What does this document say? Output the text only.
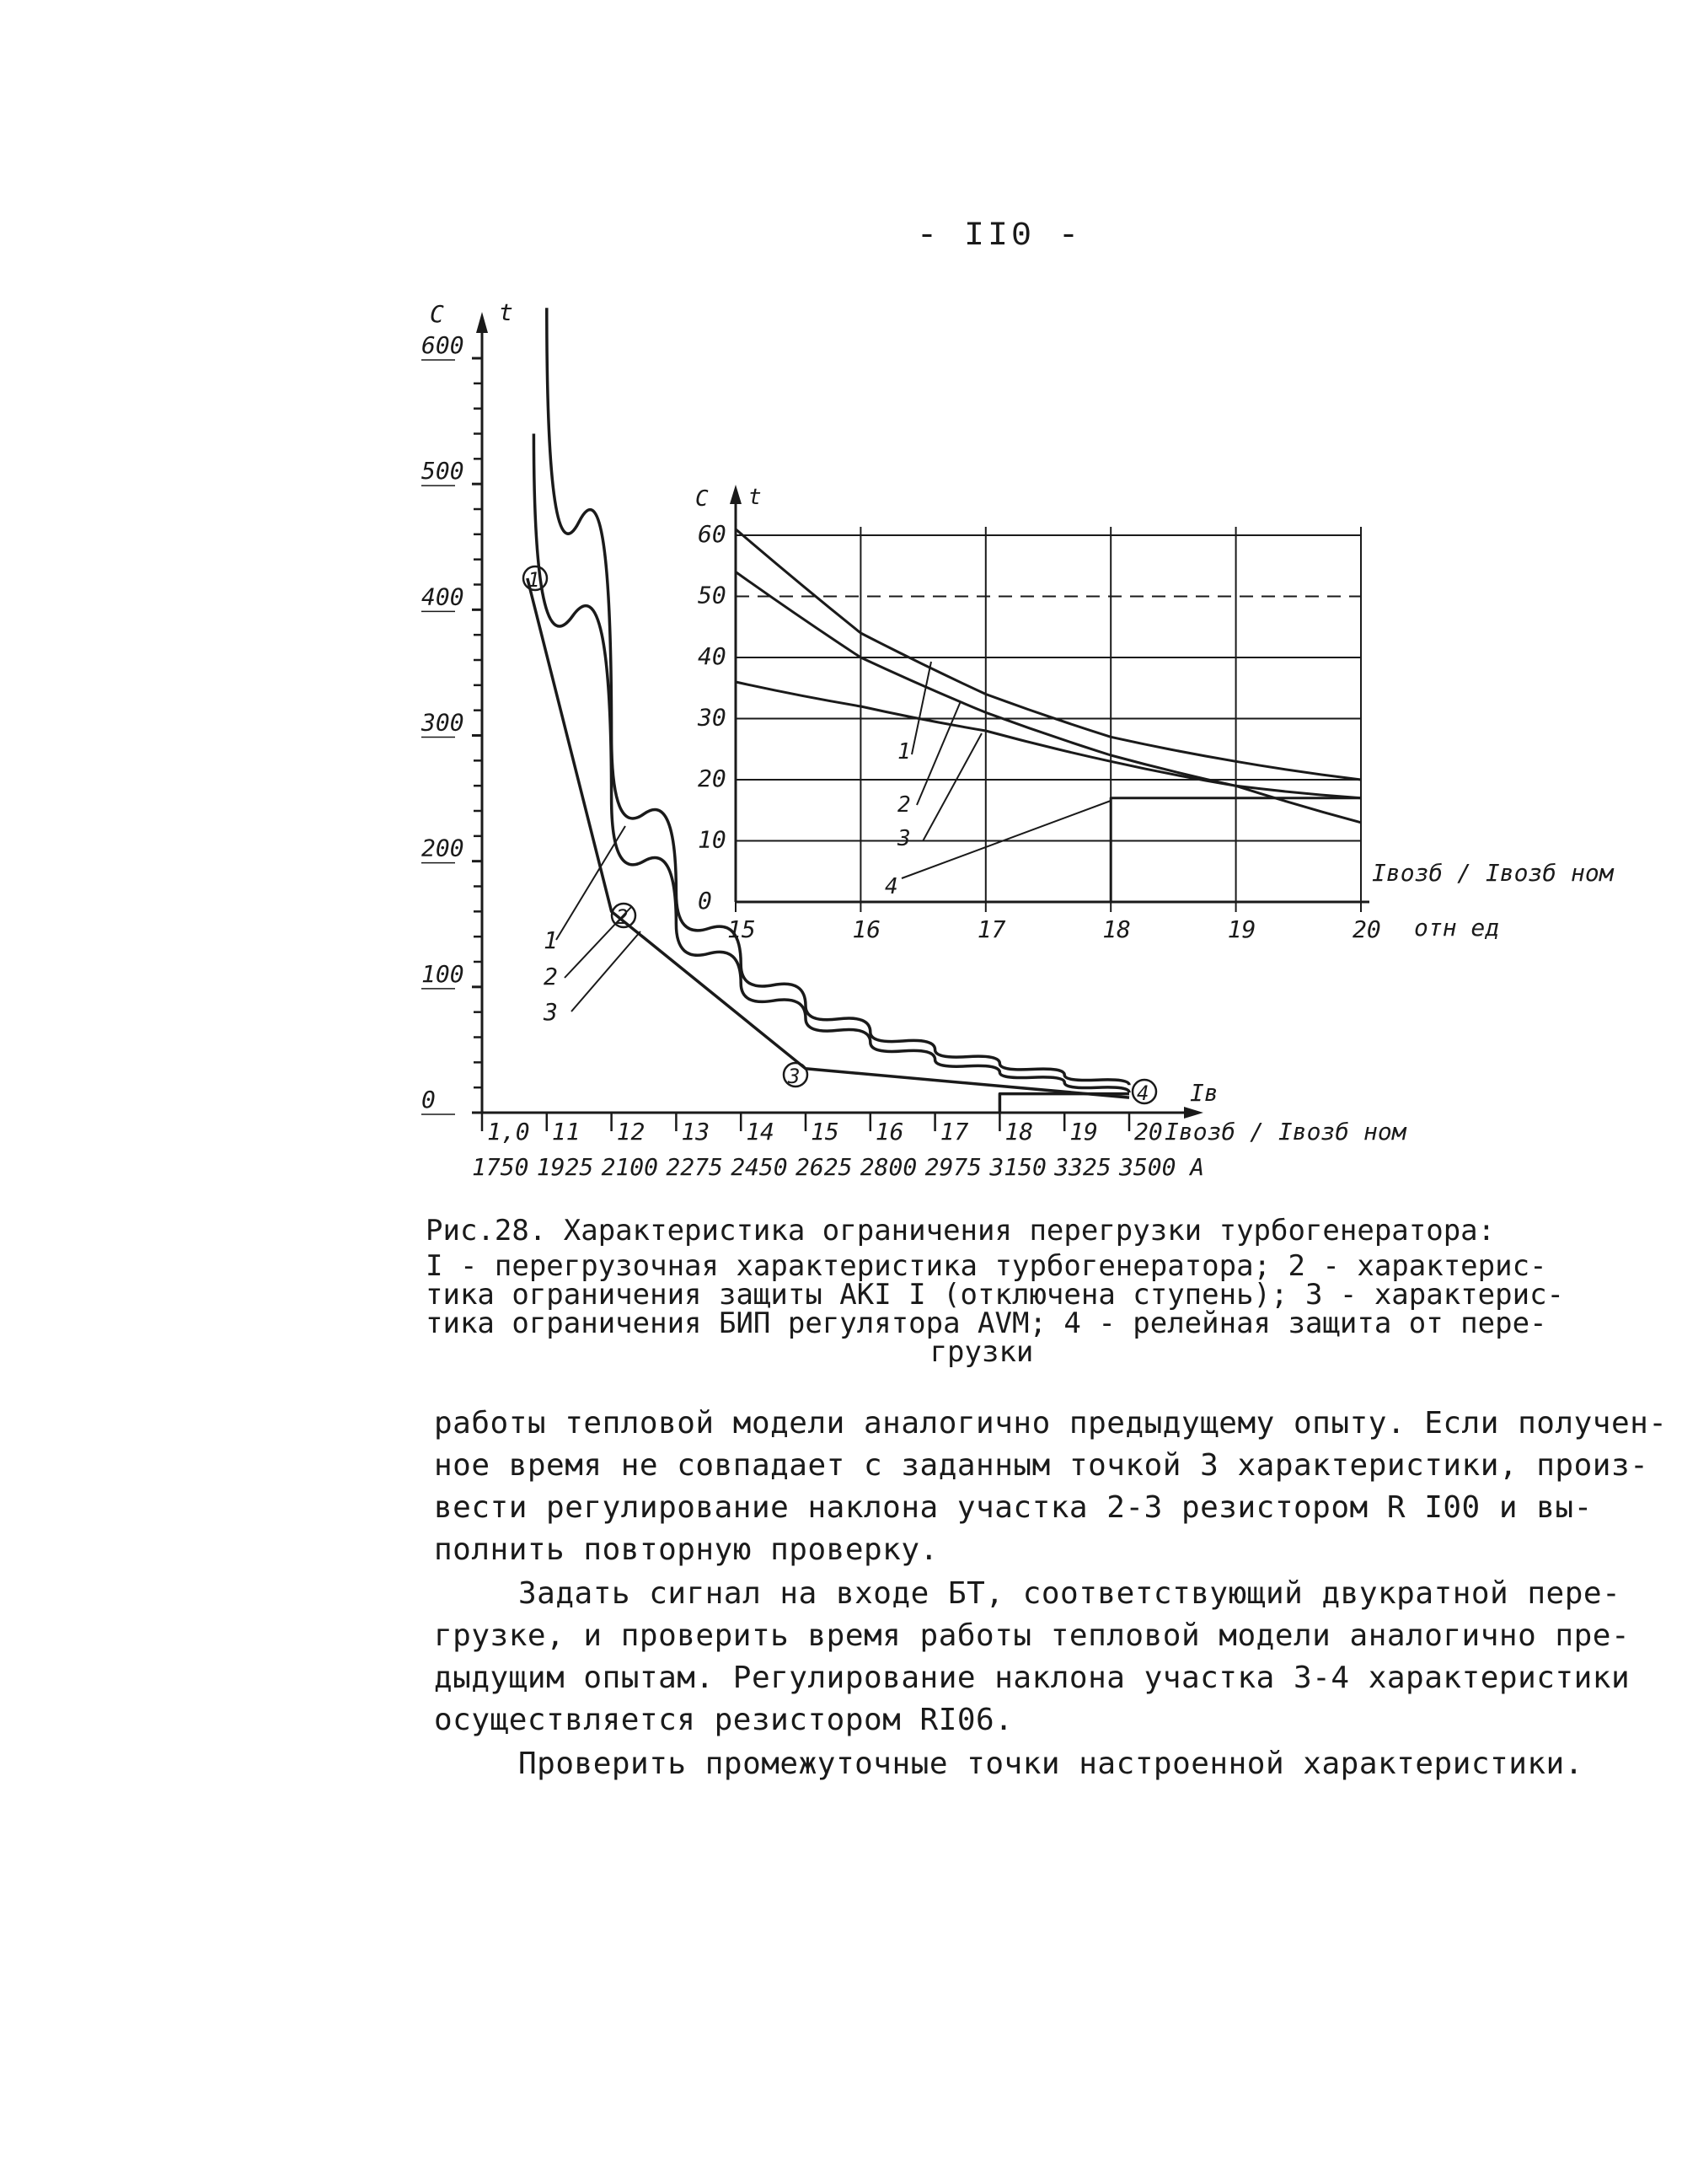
- II0 -
0
100
200
300
400
500
600
1,0
1750
11
1925
12
2100
13
2275
14
2450
15
2625
16
2800
17
2975
18
3150
19
3325
20
3500 A
C t
Iв
Iвозб / Iвозб ном
1
2
3
4
1
2
3
0
10
20
30
40
50
60
15	16	17	18	19	20
C t
Iвозб / Iвозб ном
отн ед
1
2
3
4
Рис.28. Характеристика ограничения перегрузки турбогенератора:
I - перегрузочная характеристика турбогенератора; 2 - характерис-
тика ограничения защиты АКI I (отключена ступень); 3 - характерис-
тика ограничения БИП регулятора AVM; 4 - релейная защита от пере-
грузки
работы тепловой модели аналогично предыдущему опыту. Если получен-
ное время не совпадает с заданным точкой 3 характеристики, произ-
вести регулирование наклона участка 2-3 резистором R I00 и вы-
полнить повторную проверку.
Задать сигнал на входе БТ, соответствующий двукратной пере-
грузке, и проверить время работы тепловой модели аналогично пре-
дыдущим опытам. Регулирование наклона участка 3-4 характеристики
осуществляется резистором RI06.
Проверить промежуточные точки настроенной характеристики.
